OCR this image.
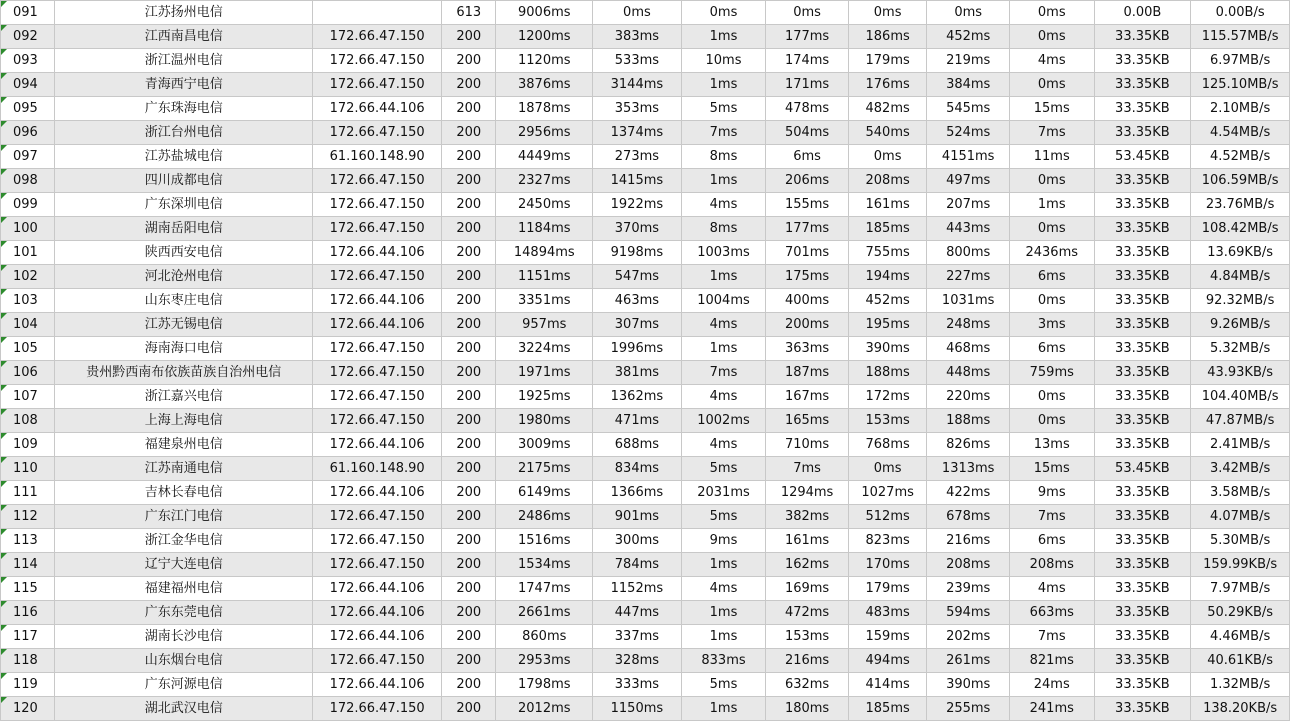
091	江苏扬州电信		613	9006ms	0ms	0ms	0ms	0ms	0ms	0ms	0.00B	0.00B/s
092	江西南昌电信	172.66.47.150	200	1200ms	383ms	1ms	177ms	186ms	452ms	0ms	33.35KB	115.57MB/s
093	浙江温州电信	172.66.47.150	200	1120ms	533ms	10ms	174ms	179ms	219ms	4ms	33.35KB	6.97MB/s
094	青海西宁电信	172.66.47.150	200	3876ms	3144ms	1ms	171ms	176ms	384ms	0ms	33.35KB	125.10MB/s
095	广东珠海电信	172.66.44.106	200	1878ms	353ms	5ms	478ms	482ms	545ms	15ms	33.35KB	2.10MB/s
096	浙江台州电信	172.66.47.150	200	2956ms	1374ms	7ms	504ms	540ms	524ms	7ms	33.35KB	4.54MB/s
097	江苏盐城电信	61.160.148.90	200	4449ms	273ms	8ms	6ms	0ms	4151ms	11ms	53.45KB	4.52MB/s
098	四川成都电信	172.66.47.150	200	2327ms	1415ms	1ms	206ms	208ms	497ms	0ms	33.35KB	106.59MB/s
099	广东深圳电信	172.66.47.150	200	2450ms	1922ms	4ms	155ms	161ms	207ms	1ms	33.35KB	23.76MB/s
100	湖南岳阳电信	172.66.47.150	200	1184ms	370ms	8ms	177ms	185ms	443ms	0ms	33.35KB	108.42MB/s
101	陕西西安电信	172.66.44.106	200	14894ms	9198ms	1003ms	701ms	755ms	800ms	2436ms	33.35KB	13.69KB/s
102	河北沧州电信	172.66.47.150	200	1151ms	547ms	1ms	175ms	194ms	227ms	6ms	33.35KB	4.84MB/s
103	山东枣庄电信	172.66.44.106	200	3351ms	463ms	1004ms	400ms	452ms	1031ms	0ms	33.35KB	92.32MB/s
104	江苏无锡电信	172.66.44.106	200	957ms	307ms	4ms	200ms	195ms	248ms	3ms	33.35KB	9.26MB/s
105	海南海口电信	172.66.47.150	200	3224ms	1996ms	1ms	363ms	390ms	468ms	6ms	33.35KB	5.32MB/s
106	贵州黔西南布依族苗族自治州电信	172.66.47.150	200	1971ms	381ms	7ms	187ms	188ms	448ms	759ms	33.35KB	43.93KB/s
107	浙江嘉兴电信	172.66.47.150	200	1925ms	1362ms	4ms	167ms	172ms	220ms	0ms	33.35KB	104.40MB/s
108	上海上海电信	172.66.47.150	200	1980ms	471ms	1002ms	165ms	153ms	188ms	0ms	33.35KB	47.87MB/s
109	福建泉州电信	172.66.44.106	200	3009ms	688ms	4ms	710ms	768ms	826ms	13ms	33.35KB	2.41MB/s
110	江苏南通电信	61.160.148.90	200	2175ms	834ms	5ms	7ms	0ms	1313ms	15ms	53.45KB	3.42MB/s
111	吉林长春电信	172.66.44.106	200	6149ms	1366ms	2031ms	1294ms	1027ms	422ms	9ms	33.35KB	3.58MB/s
112	广东江门电信	172.66.47.150	200	2486ms	901ms	5ms	382ms	512ms	678ms	7ms	33.35KB	4.07MB/s
113	浙江金华电信	172.66.47.150	200	1516ms	300ms	9ms	161ms	823ms	216ms	6ms	33.35KB	5.30MB/s
114	辽宁大连电信	172.66.47.150	200	1534ms	784ms	1ms	162ms	170ms	208ms	208ms	33.35KB	159.99KB/s
115	福建福州电信	172.66.44.106	200	1747ms	1152ms	4ms	169ms	179ms	239ms	4ms	33.35KB	7.97MB/s
116	广东东莞电信	172.66.44.106	200	2661ms	447ms	1ms	472ms	483ms	594ms	663ms	33.35KB	50.29KB/s
117	湖南长沙电信	172.66.44.106	200	860ms	337ms	1ms	153ms	159ms	202ms	7ms	33.35KB	4.46MB/s
118	山东烟台电信	172.66.47.150	200	2953ms	328ms	833ms	216ms	494ms	261ms	821ms	33.35KB	40.61KB/s
119	广东河源电信	172.66.44.106	200	1798ms	333ms	5ms	632ms	414ms	390ms	24ms	33.35KB	1.32MB/s
120	湖北武汉电信	172.66.47.150	200	2012ms	1150ms	1ms	180ms	185ms	255ms	241ms	33.35KB	138.20KB/s
